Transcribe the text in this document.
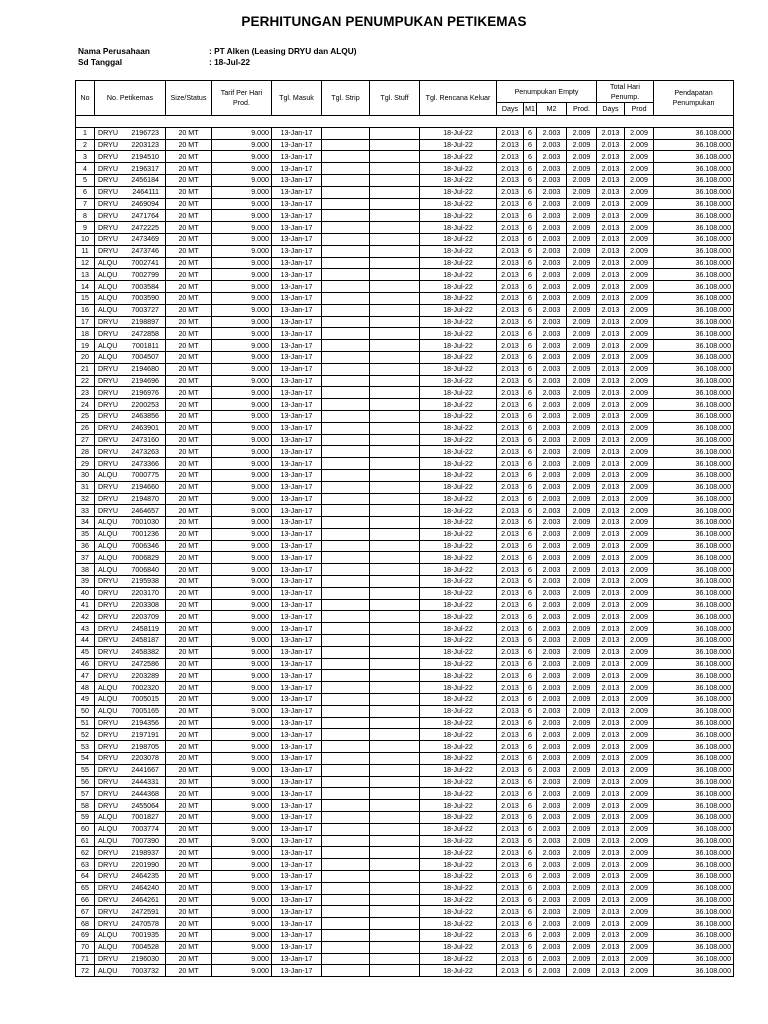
PERHITUNGAN PENUMPUKAN PETIKEMAS
Nama Perusahaan	: PT Alken (Leasing DRYU dan ALQU)
Sd Tanggal	: 18-Jul-22
No	No. Petikemas	Size/Status	Tarif Per Hari Prod.	Tgl. Masuk	Tgl. Strip	Tgl. Stuff	Tgl. Rencana Keluar	Penumpukan Empty				Total Hari Penump.		Pendapatan Penumpukan
								Days	M1	M2	Prod.	Days	Prod	

1	DRYU 2196723	20 MT	9.000	13-Jan-17			18-Jul-22	2.013	6	2.003	2.009	2.013	2.009	36.108.000
2	DRYU 2203123	20 MT	9.000	13-Jan-17			18-Jul-22	2.013	6	2.003	2.009	2.013	2.009	36.108.000
3	DRYU 2194510	20 MT	9.000	13-Jan-17			18-Jul-22	2.013	6	2.003	2.009	2.013	2.009	36.108.000
4	DRYU 2196317	20 MT	9.000	13-Jan-17			18-Jul-22	2.013	6	2.003	2.009	2.013	2.009	36.108.000
5	DRYU 2456184	20 MT	9.000	13-Jan-17			18-Jul-22	2.013	6	2.003	2.009	2.013	2.009	36.108.000
6	DRYU 2464111	20 MT	9.000	13-Jan-17			18-Jul-22	2.013	6	2.003	2.009	2.013	2.009	36.108.000
7	DRYU 2469094	20 MT	9.000	13-Jan-17			18-Jul-22	2.013	6	2.003	2.009	2.013	2.009	36.108.000
8	DRYU 2471764	20 MT	9.000	13-Jan-17			18-Jul-22	2.013	6	2.003	2.009	2.013	2.009	36.108.000
9	DRYU 2472225	20 MT	9.000	13-Jan-17			18-Jul-22	2.013	6	2.003	2.009	2.013	2.009	36.108.000
10	DRYU 2473469	20 MT	9.000	13-Jan-17			18-Jul-22	2.013	6	2.003	2.009	2.013	2.009	36.108.000
11	DRYU 2473746	20 MT	9.000	13-Jan-17			18-Jul-22	2.013	6	2.003	2.009	2.013	2.009	36.108.000
12	ALQU 7002741	20 MT	9.000	13-Jan-17			18-Jul-22	2.013	6	2.003	2.009	2.013	2.009	36.108.000
13	ALQU 7002799	20 MT	9.000	13-Jan-17			18-Jul-22	2.013	6	2.003	2.009	2.013	2.009	36.108.000
14	ALQU 7003584	20 MT	9.000	13-Jan-17			18-Jul-22	2.013	6	2.003	2.009	2.013	2.009	36.108.000
15	ALQU 7003590	20 MT	9.000	13-Jan-17			18-Jul-22	2.013	6	2.003	2.009	2.013	2.009	36.108.000
16	ALQU 7003727	20 MT	9.000	13-Jan-17			18-Jul-22	2.013	6	2.003	2.009	2.013	2.009	36.108.000
17	DRYU 2198897	20 MT	9.000	13-Jan-17			18-Jul-22	2.013	6	2.003	2.009	2.013	2.009	36.108.000
18	DRYU 2472858	20 MT	9.000	13-Jan-17			18-Jul-22	2.013	6	2.003	2.009	2.013	2.009	36.108.000
19	ALQU 7001811	20 MT	9.000	13-Jan-17			18-Jul-22	2.013	6	2.003	2.009	2.013	2.009	36.108.000
20	ALQU 7004507	20 MT	9.000	13-Jan-17			18-Jul-22	2.013	6	2.003	2.009	2.013	2.009	36.108.000
21	DRYU 2194680	20 MT	9.000	13-Jan-17			18-Jul-22	2.013	6	2.003	2.009	2.013	2.009	36.108.000
22	DRYU 2194696	20 MT	9.000	13-Jan-17			18-Jul-22	2.013	6	2.003	2.009	2.013	2.009	36.108.000
23	DRYU 2196976	20 MT	9.000	13-Jan-17			18-Jul-22	2.013	6	2.003	2.009	2.013	2.009	36.108.000
24	DRYU 2200253	20 MT	9.000	13-Jan-17			18-Jul-22	2.013	6	2.003	2.009	2.013	2.009	36.108.000
25	DRYU 2463856	20 MT	9.000	13-Jan-17			18-Jul-22	2.013	6	2.003	2.009	2.013	2.009	36.108.000
26	DRYU 2463901	20 MT	9.000	13-Jan-17			18-Jul-22	2.013	6	2.003	2.009	2.013	2.009	36.108.000
27	DRYU 2473160	20 MT	9.000	13-Jan-17			18-Jul-22	2.013	6	2.003	2.009	2.013	2.009	36.108.000
28	DRYU 2473263	20 MT	9.000	13-Jan-17			18-Jul-22	2.013	6	2.003	2.009	2.013	2.009	36.108.000
29	DRYU 2473366	20 MT	9.000	13-Jan-17			18-Jul-22	2.013	6	2.003	2.009	2.013	2.009	36.108.000
30	ALQU 7000775	20 MT	9.000	13-Jan-17			18-Jul-22	2.013	6	2.003	2.009	2.013	2.009	36.108.000
31	DRYU 2194660	20 MT	9.000	13-Jan-17			18-Jul-22	2.013	6	2.003	2.009	2.013	2.009	36.108.000
32	DRYU 2194870	20 MT	9.000	13-Jan-17			18-Jul-22	2.013	6	2.003	2.009	2.013	2.009	36.108.000
33	DRYU 2464657	20 MT	9.000	13-Jan-17			18-Jul-22	2.013	6	2.003	2.009	2.013	2.009	36.108.000
34	ALQU 7001030	20 MT	9.000	13-Jan-17			18-Jul-22	2.013	6	2.003	2.009	2.013	2.009	36.108.000
35	ALQU 7001236	20 MT	9.000	13-Jan-17			18-Jul-22	2.013	6	2.003	2.009	2.013	2.009	36.108.000
36	ALQU 7006346	20 MT	9.000	13-Jan-17			18-Jul-22	2.013	6	2.003	2.009	2.013	2.009	36.108.000
37	ALQU 7006829	20 MT	9.000	13-Jan-17			18-Jul-22	2.013	6	2.003	2.009	2.013	2.009	36.108.000
38	ALQU 7006840	20 MT	9.000	13-Jan-17			18-Jul-22	2.013	6	2.003	2.009	2.013	2.009	36.108.000
39	DRYU 2195938	20 MT	9.000	13-Jan-17			18-Jul-22	2.013	6	2.003	2.009	2.013	2.009	36.108.000
40	DRYU 2203170	20 MT	9.000	13-Jan-17			18-Jul-22	2.013	6	2.003	2.009	2.013	2.009	36.108.000
41	DRYU 2203308	20 MT	9.000	13-Jan-17			18-Jul-22	2.013	6	2.003	2.009	2.013	2.009	36.108.000
42	DRYU 2203709	20 MT	9.000	13-Jan-17			18-Jul-22	2.013	6	2.003	2.009	2.013	2.009	36.108.000
43	DRYU 2458119	20 MT	9.000	13-Jan-17			18-Jul-22	2.013	6	2.003	2.009	2.013	2.009	36.108.000
44	DRYU 2458187	20 MT	9.000	13-Jan-17			18-Jul-22	2.013	6	2.003	2.009	2.013	2.009	36.108.000
45	DRYU 2458382	20 MT	9.000	13-Jan-17			18-Jul-22	2.013	6	2.003	2.009	2.013	2.009	36.108.000
46	DRYU 2472586	20 MT	9.000	13-Jan-17			18-Jul-22	2.013	6	2.003	2.009	2.013	2.009	36.108.000
47	DRYU 2203289	20 MT	9.000	13-Jan-17			18-Jul-22	2.013	6	2.003	2.009	2.013	2.009	36.108.000
48	ALQU 7002320	20 MT	9.000	13-Jan-17			18-Jul-22	2.013	6	2.003	2.009	2.013	2.009	36.108.000
49	ALQU 7005015	20 MT	9.000	13-Jan-17			18-Jul-22	2.013	6	2.003	2.009	2.013	2.009	36.108.000
50	ALQU 7005165	20 MT	9.000	13-Jan-17			18-Jul-22	2.013	6	2.003	2.009	2.013	2.009	36.108.000
51	DRYU 2194356	20 MT	9.000	13-Jan-17			18-Jul-22	2.013	6	2.003	2.009	2.013	2.009	36.108.000
52	DRYU 2197191	20 MT	9.000	13-Jan-17			18-Jul-22	2.013	6	2.003	2.009	2.013	2.009	36.108.000
53	DRYU 2198705	20 MT	9.000	13-Jan-17			18-Jul-22	2.013	6	2.003	2.009	2.013	2.009	36.108.000
54	DRYU 2203078	20 MT	9.000	13-Jan-17			18-Jul-22	2.013	6	2.003	2.009	2.013	2.009	36.108.000
55	DRYU 2441667	20 MT	9.000	13-Jan-17			18-Jul-22	2.013	6	2.003	2.009	2.013	2.009	36.108.000
56	DRYU 2444331	20 MT	9.000	13-Jan-17			18-Jul-22	2.013	6	2.003	2.009	2.013	2.009	36.108.000
57	DRYU 2444368	20 MT	9.000	13-Jan-17			18-Jul-22	2.013	6	2.003	2.009	2.013	2.009	36.108.000
58	DRYU 2455064	20 MT	9.000	13-Jan-17			18-Jul-22	2.013	6	2.003	2.009	2.013	2.009	36.108.000
59	ALQU 7001827	20 MT	9.000	13-Jan-17			18-Jul-22	2.013	6	2.003	2.009	2.013	2.009	36.108.000
60	ALQU 7003774	20 MT	9.000	13-Jan-17			18-Jul-22	2.013	6	2.003	2.009	2.013	2.009	36.108.000
61	ALQU 7007390	20 MT	9.000	13-Jan-17			18-Jul-22	2.013	6	2.003	2.009	2.013	2.009	36.108.000
62	DRYU 2198937	20 MT	9.000	13-Jan-17			18-Jul-22	2.013	6	2.003	2.009	2.013	2.009	36.108.000
63	DRYU 2201990	20 MT	9.000	13-Jan-17			18-Jul-22	2.013	6	2.003	2.009	2.013	2.009	36.108.000
64	DRYU 2464235	20 MT	9.000	13-Jan-17			18-Jul-22	2.013	6	2.003	2.009	2.013	2.009	36.108.000
65	DRYU 2464240	20 MT	9.000	13-Jan-17			18-Jul-22	2.013	6	2.003	2.009	2.013	2.009	36.108.000
66	DRYU 2464261	20 MT	9.000	13-Jan-17			18-Jul-22	2.013	6	2.003	2.009	2.013	2.009	36.108.000
67	DRYU 2472591	20 MT	9.000	13-Jan-17			18-Jul-22	2.013	6	2.003	2.009	2.013	2.009	36.108.000
68	DRYU 2470578	20 MT	9.000	13-Jan-17			18-Jul-22	2.013	6	2.003	2.009	2.013	2.009	36.108.000
69	ALQU 7001935	20 MT	9.000	13-Jan-17			18-Jul-22	2.013	6	2.003	2.009	2.013	2.009	36.108.000
70	ALQU 7004528	20 MT	9.000	13-Jan-17			18-Jul-22	2.013	6	2.003	2.009	2.013	2.009	36.108.000
71	DRYU 2196030	20 MT	9.000	13-Jan-17			18-Jul-22	2.013	6	2.003	2.009	2.013	2.009	36.108.000
72	ALQU 7003732	20 MT	9.000	13-Jan-17			18-Jul-22	2.013	6	2.003	2.009	2.013	2.009	36.108.000
